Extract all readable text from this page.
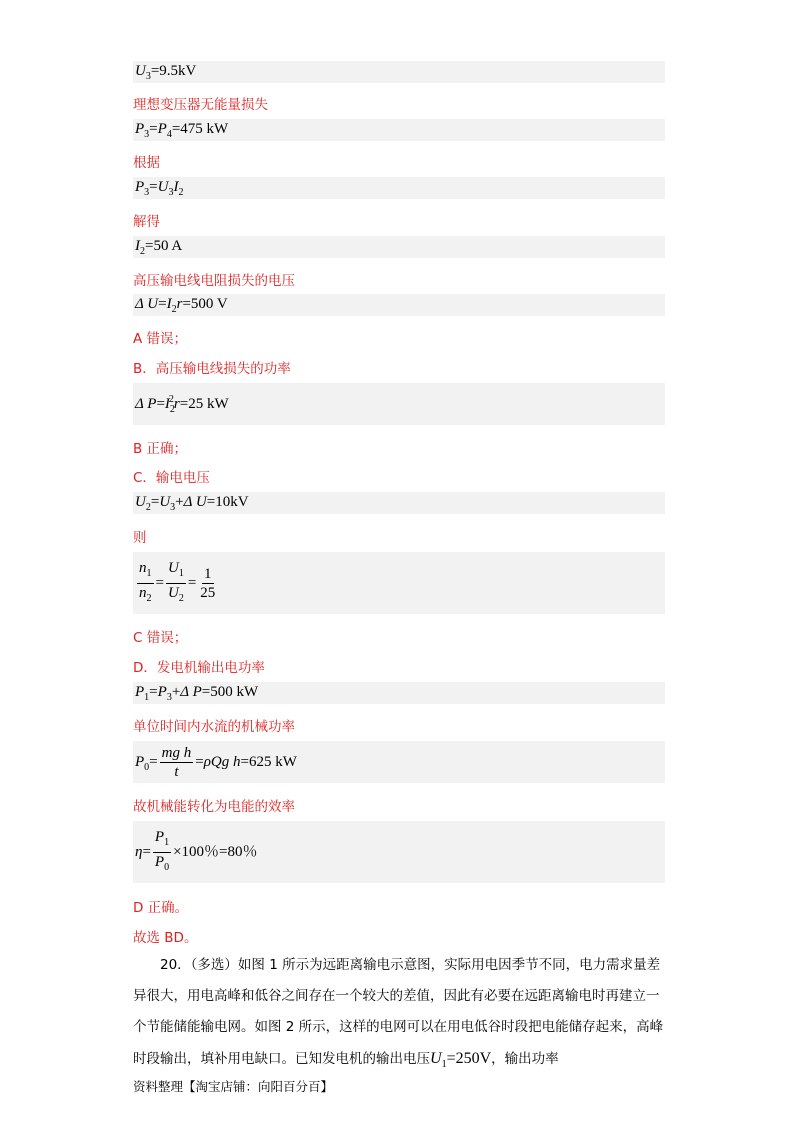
$U_3=9.5kV$
理想变压器无能量损失
$P_3=P_4=475$ kW
根据
$P_3=U_3I_2$
解得
$I_2=50$ A
高压输电线电阻损失的电压
Δ $U=I_2r=500$ V
A 错误；
B．高压输电线损失的功率
Δ $P=I_2^2r=25$ kW
B 正确；
C．输电电压
$U_2=U_3+\Delta$ U=10kV
则
$\frac{n_1}{n_2} = \frac{U_1}{U_2} = \frac{1}{25}$
C 错误；
D．发电机输出电功率
$P_1=P_3+\Delta$ P=500 kW
单位时间内水流的机械功率
$P_0= \frac{\text{mg h}}{t} =\rho Qg$ h=625 kW
故机械能转化为电能的效率
$\eta= \frac{P_1}{P_0} \times 100$％=80％
D 正确。
故选 BD。
20．（多选）如图 1 所示为远距离输电示意图，实际用电因季节不同，电力需求量差异很大，用电高峰和低谷之间存在一个较大的差值，因此有必要在远距离输电时再建立一个节能储能输电网。如图 2 所示，这样的电网可以在用电低谷时段把电能储存起来，高峰时段输出，填补用电缺口。已知发电机的输出电压$U_1=250V$，输出功率
资料整理【淘宝店铺：向阳百分百】
